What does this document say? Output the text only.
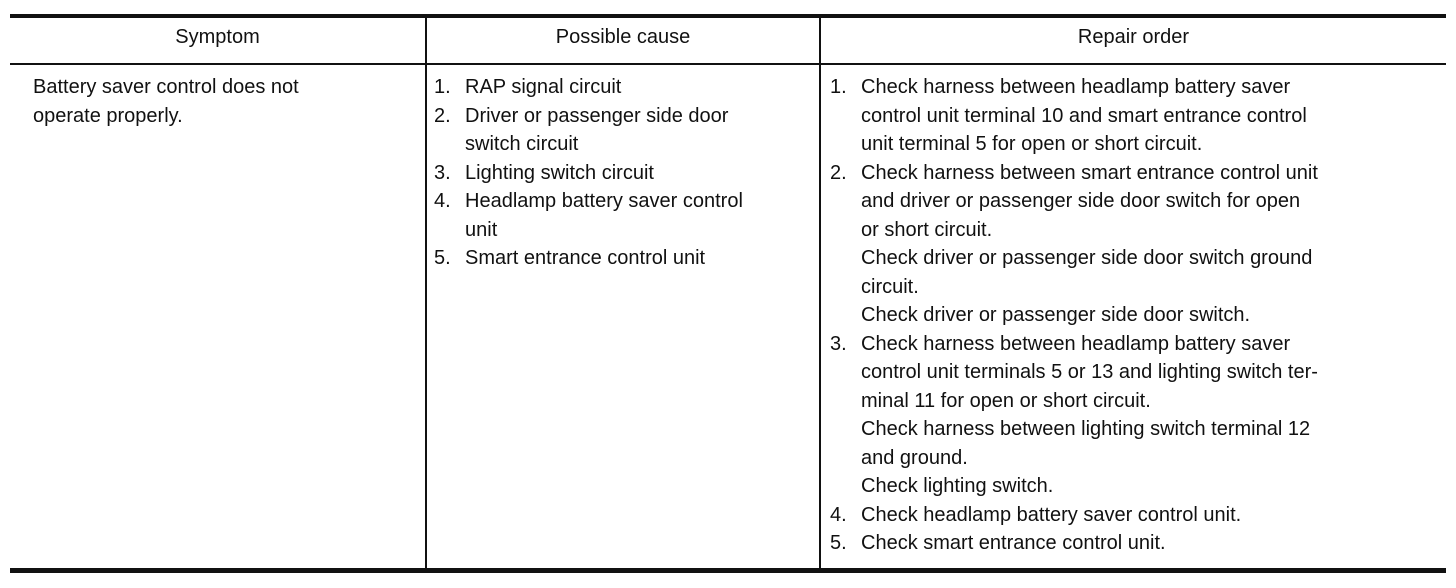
Symptom	Possible cause	Repair order
Battery saver control does not
operate properly.
1. RAP signal circuit
2. Driver or passenger side door
switch circuit
3. Lighting switch circuit
4. Headlamp battery saver control
unit
5. Smart entrance control unit
1. Check harness between headlamp battery saver
control unit terminal 10 and smart entrance control
unit terminal 5 for open or short circuit.
2. Check harness between smart entrance control unit
and driver or passenger side door switch for open
or short circuit.
Check driver or passenger side door switch ground
circuit.
Check driver or passenger side door switch.
3. Check harness between headlamp battery saver
control unit terminals 5 or 13 and lighting switch ter-
minal 11 for open or short circuit.
Check harness between lighting switch terminal 12
and ground.
Check lighting switch.
4. Check headlamp battery saver control unit.
5. Check smart entrance control unit.
